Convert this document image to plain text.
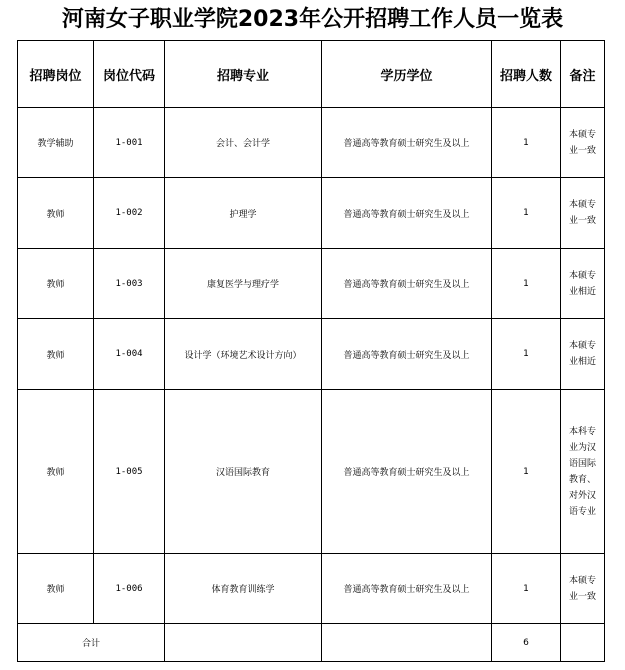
河南女子职业学院2023年公开招聘工作人员一览表
招聘岗位	岗位代码	招聘专业	学历学位	招聘人数	备注
教学辅助	1-001	会计、会计学	普通高等教育硕士研究生及以上	1	本硕专业一致
教师	1-002	护理学	普通高等教育硕士研究生及以上	1	本硕专业一致
教师	1-003	康复医学与理疗学	普通高等教育硕士研究生及以上	1	本硕专业相近
教师	1-004	设计学（环境艺术设计方向）	普通高等教育硕士研究生及以上	1	本硕专业相近
教师	1-005	汉语国际教育	普通高等教育硕士研究生及以上	1	本科专业为汉语国际教育、对外汉语专业
教师	1-006	体育教育训练学	普通高等教育硕士研究生及以上	1	本硕专业一致
合计				6	
